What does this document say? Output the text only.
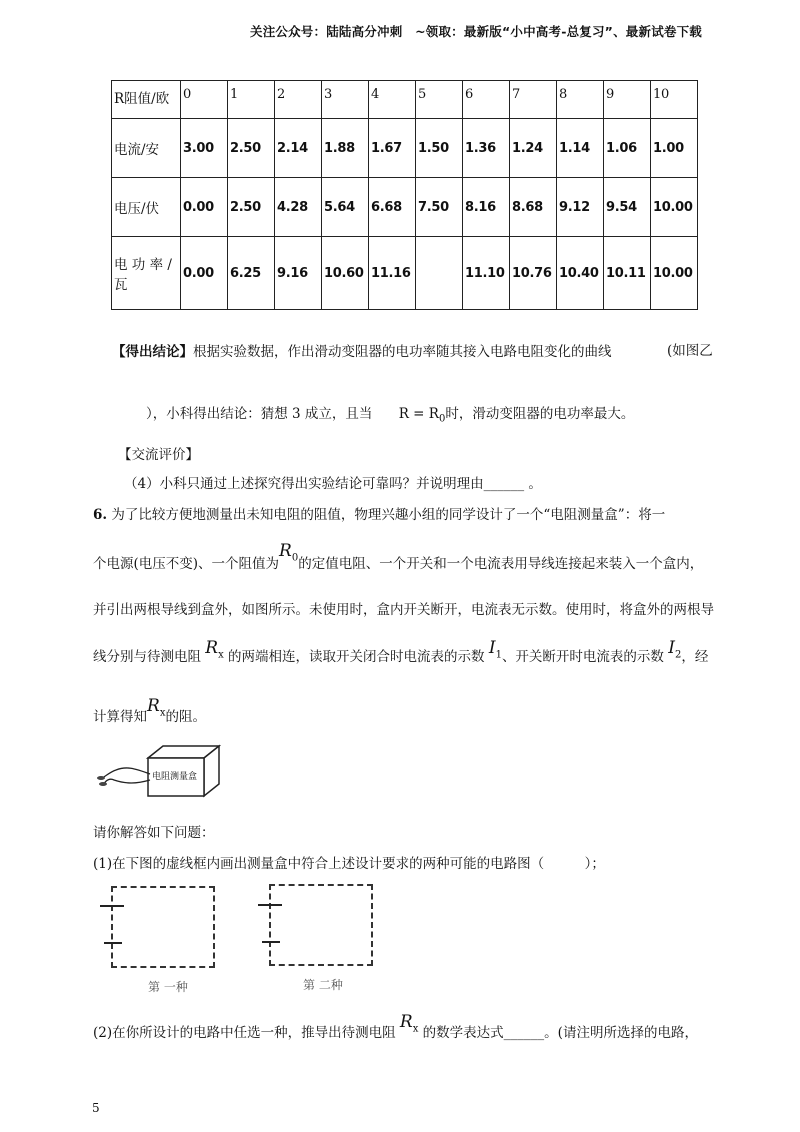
关注公众号：陆陆高分冲刺　~领取：最新版“小中高考-总复习”、最新试卷下载
R阻值/欧	0	1	2	3	4	5	6	7	8	9	10
电流/安	3.00	2.50	2.14	1.88	1.67	1.50	1.36	1.24	1.14	1.06	1.00
电压/伏	0.00	2.50	4.28	5.64	6.68	7.50	8.16	8.68	9.12	9.54	10.00
电 功 率 /
瓦	0.00	6.25	9.16	10.60	11.16		11.10	10.76	10.40	10.11	10.00
【得出结论】根据实验数据，作出滑动变阻器的电功率随其接入电路电阻变化的曲线	(如图乙
），小科得出结论：猜想 3 成立，且当 $R = R_0$时，滑动变阻器的电功率最大。
【交流评价】
（4）小科只通过上述探究得出实验结论可靠吗？并说明理由______ 。
6. 为了比较方便地测量出未知电阻的阻值，物理兴趣小组的同学设计了一个“电阻测量盒”：将一
个电源(电压不变)、一个阻值为$R_0$的定值电阻、一个开关和一个电流表用导线连接起来装入一个盒内，
并引出两根导线到盒外，如图所示。未使用时，盒内开关断开，电流表无示数。使用时，将盒外的两根导
线分别与待测电阻 $R_x$ 的两端相连，读取开关闭合时电流表的示数 $I_1$、开关断开时电流表的示数 $I_2$，经
计算得知$R_x$的阻。
电阻测量盒
请你解答如下问题：
(1)在下图的虚线框内画出测量盒中符合上述设计要求的两种可能的电路图（　　　）；
第 一种	第 二种
(2)在你所设计的电路中任选一种，推导出待测电阻 $R_x$ 的数学表达式______。(请注明所选择的电路，
5
